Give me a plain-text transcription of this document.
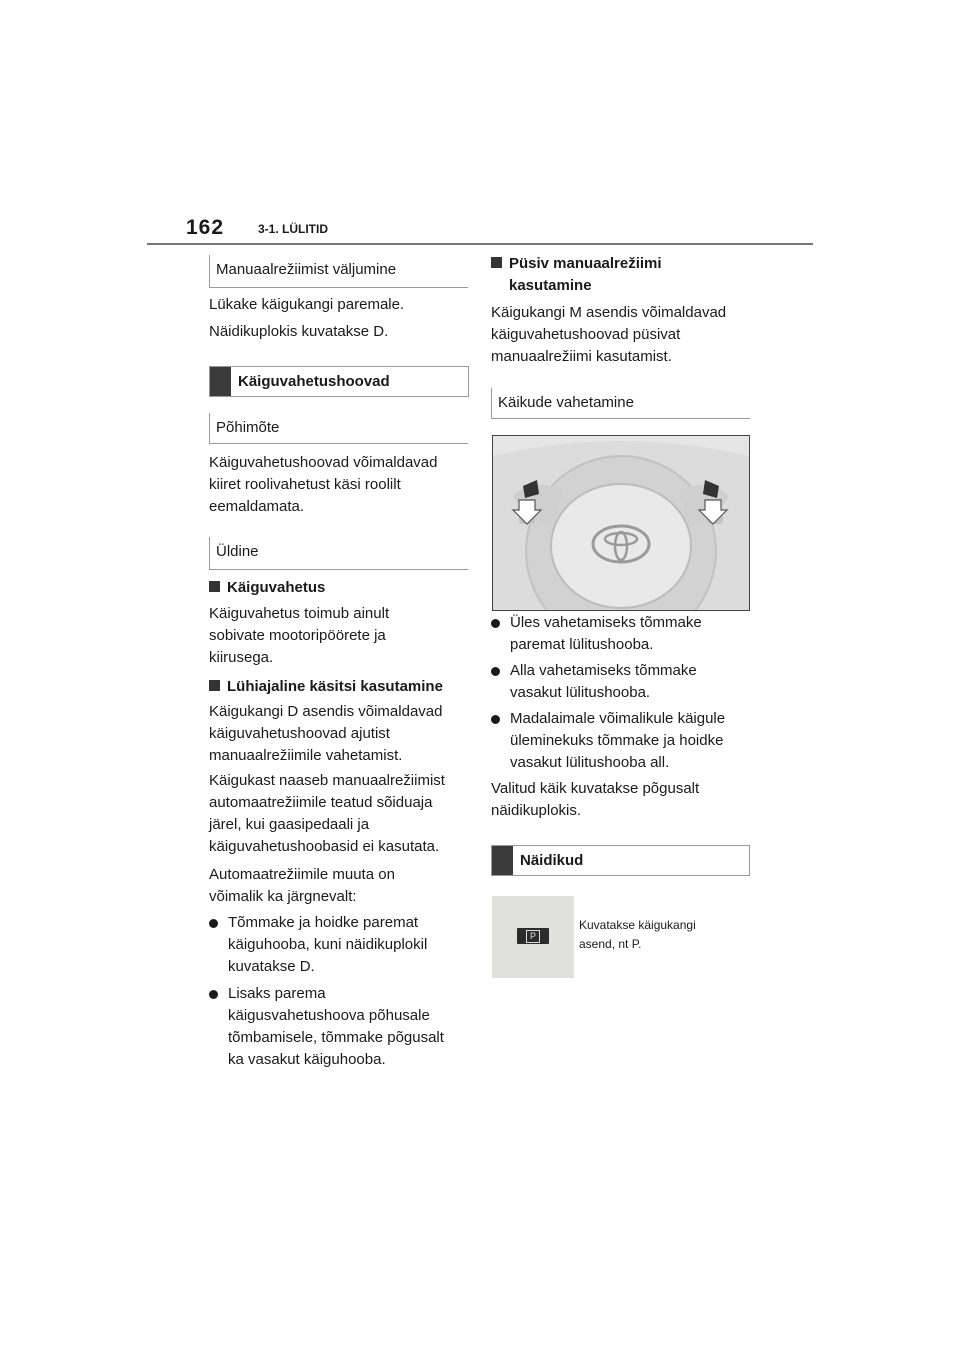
162	3-1. LÜLITID
Manuaalrežiimist väljumine
Lükake käigukangi paremale.
Näidikuplokis kuvatakse D.
Käiguvahetushoovad
Põhimõte
Käiguvahetushoovad võimaldavad
kiiret roolivahetust käsi roolilt
eemaldamata.
Üldine
Käiguvahetus
Käiguvahetus toimub ainult
sobivate mootoripöörete ja
kiirusega.
Lühiajaline käsitsi kasutamine
Käigukangi D asendis võimaldavad
käiguvahetushoovad ajutist
manuaalrežiimile vahetamist.
Käigukast naaseb manuaalrežiimist
automaatrežiimile teatud sõiduaja
järel, kui gaasipedaali ja
käiguvahetushoobasid ei kasutata.
Automaatrežiimile muuta on
võimalik ka järgnevalt:
Tõmmake ja hoidke paremat
käiguhooba, kuni näidikuplokil
kuvatakse D.
Lisaks parema
käigusvahetushoova põhusale
tõmbamisele, tõmmake põgusalt
ka vasakut käiguhooba.
Püsiv manuaalrežiimi
kasutamine
Käigukangi M asendis võimaldavad
käiguvahetushoovad püsivat
manuaalrežiimi kasutamist.
Käikude vahetamine
Üles vahetamiseks tõmmake
paremat lülitushooba.
Alla vahetamiseks tõmmake
vasakut lülitushooba.
Madalaimale võimalikule käigule
üleminekuks tõmmake ja hoidke
vasakut lülitushooba all.
Valitud käik kuvatakse põgusalt
näidikuplokis.
Näidikud
P
Kuvatakse käigukangi
asend, nt P.
